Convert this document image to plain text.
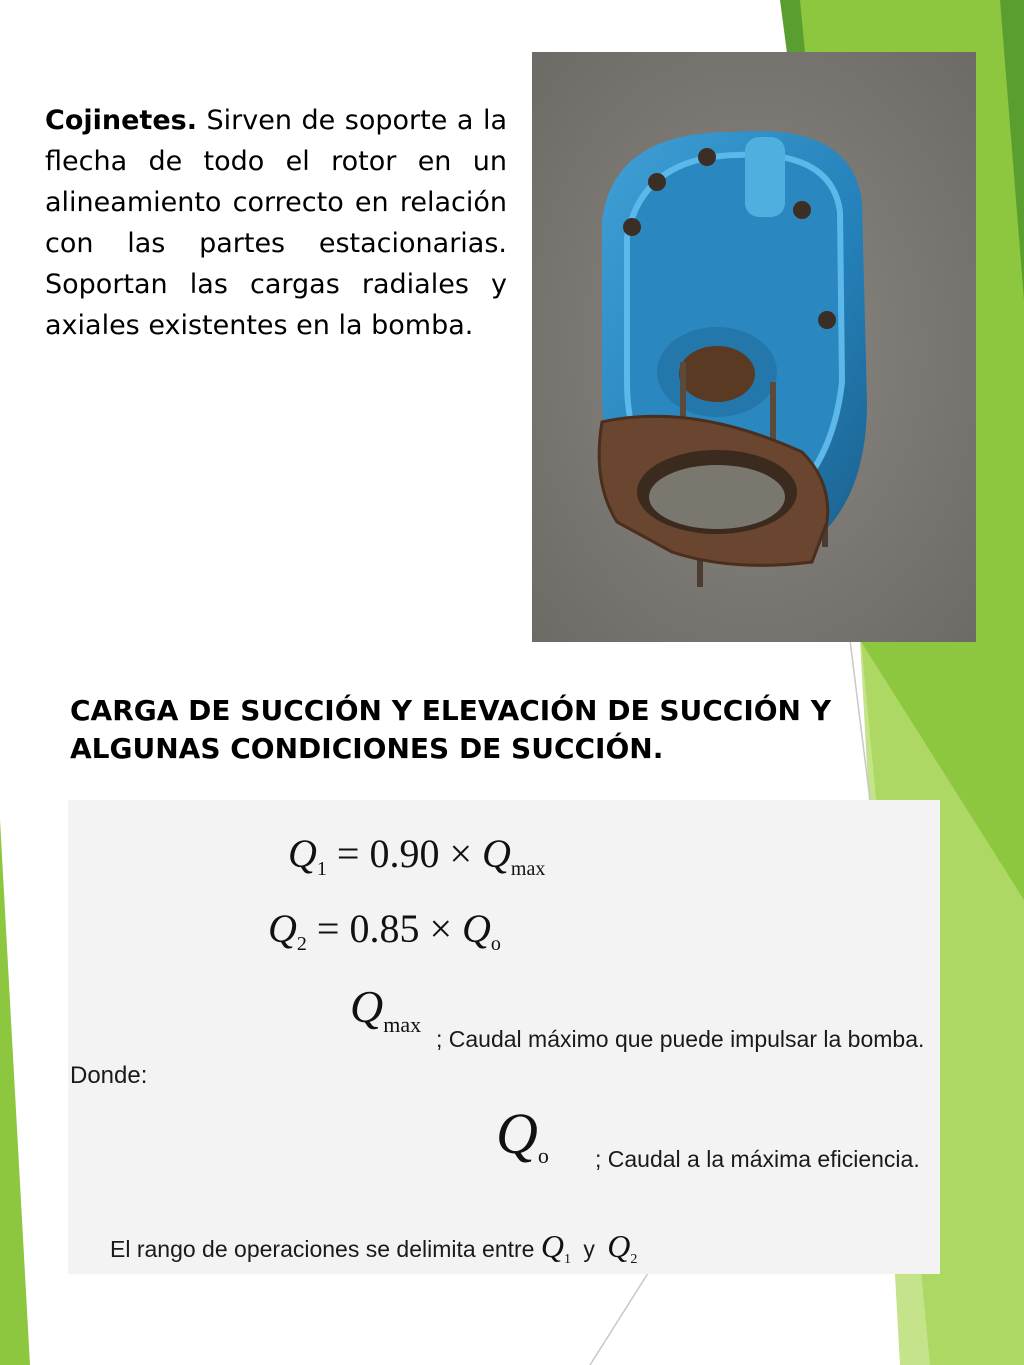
Cojinetes. Sirven de soporte a la flecha de todo el rotor en un alineamiento correcto en relación con las partes estacionarias. Soportan las cargas radiales y axiales existentes en la bomba.
CARGA DE SUCCIÓN Y ELEVACIÓN DE SUCCIÓN Y ALGUNAS CONDICIONES DE SUCCIÓN.
$Q_1 = 0.90 \times Q_{max}$
$Q_2 = 0.85 \times Q_o$
$Q_{max}$
; Caudal máximo que puede impulsar la bomba.
Donde:
$Q_o$ ; Caudal a la máxima eficiencia.
El rango de operaciones se delimita entre $Q_1$ y $Q_2$
